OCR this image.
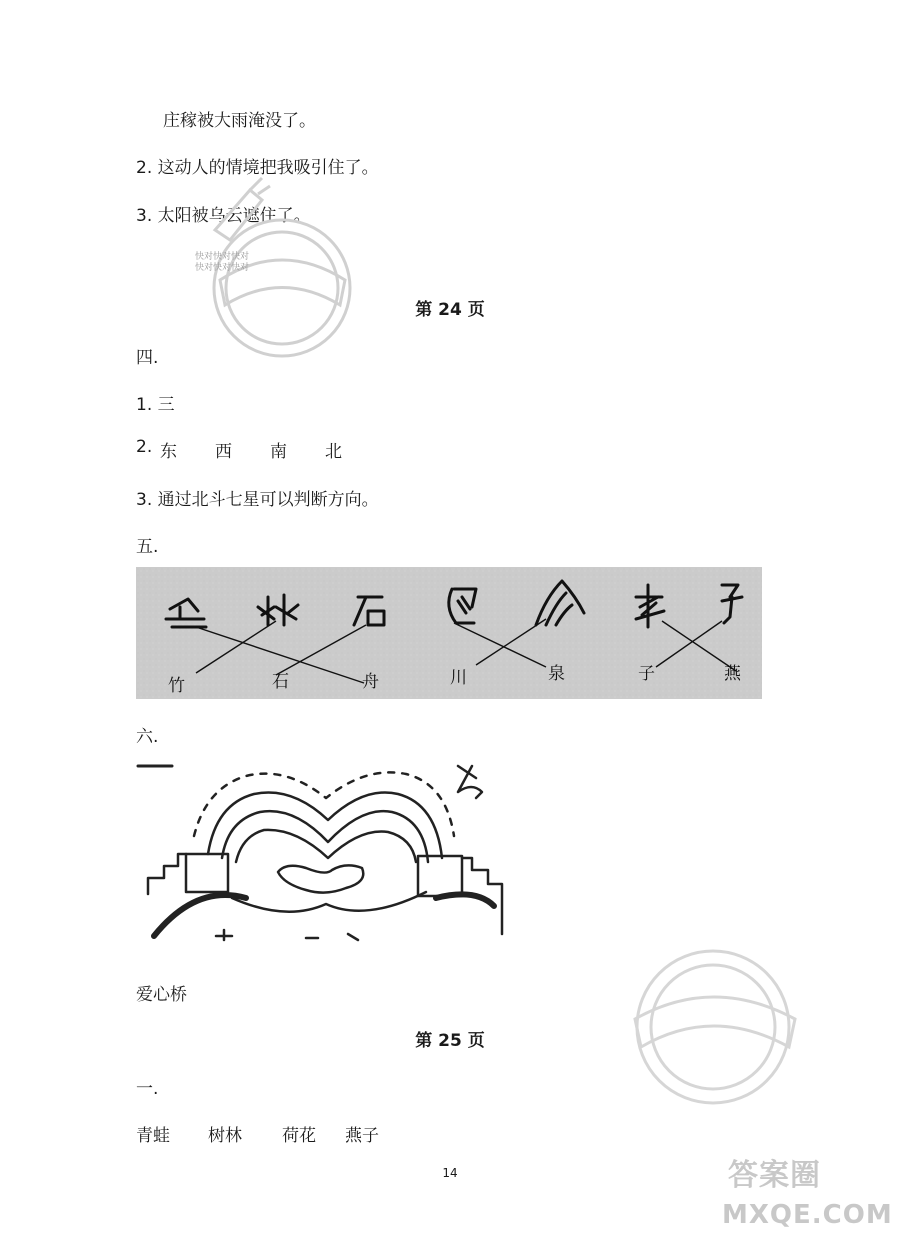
庄稼被大雨淹没了。
2. 这动人的情境把我吸引住了。
3. 太阳被乌云遮住了。
快对快对快对
快对快对快对
第 24 页
四.
1. 三
2. 东 西 南 北
3. 通过北斗七星可以判断方向。
五.
竹	石	舟	川	泉	子	燕
六.
爱心桥
第 25 页
一.
青蛙 树林 荷花 燕子
14	答案圈
MXQE.COM
